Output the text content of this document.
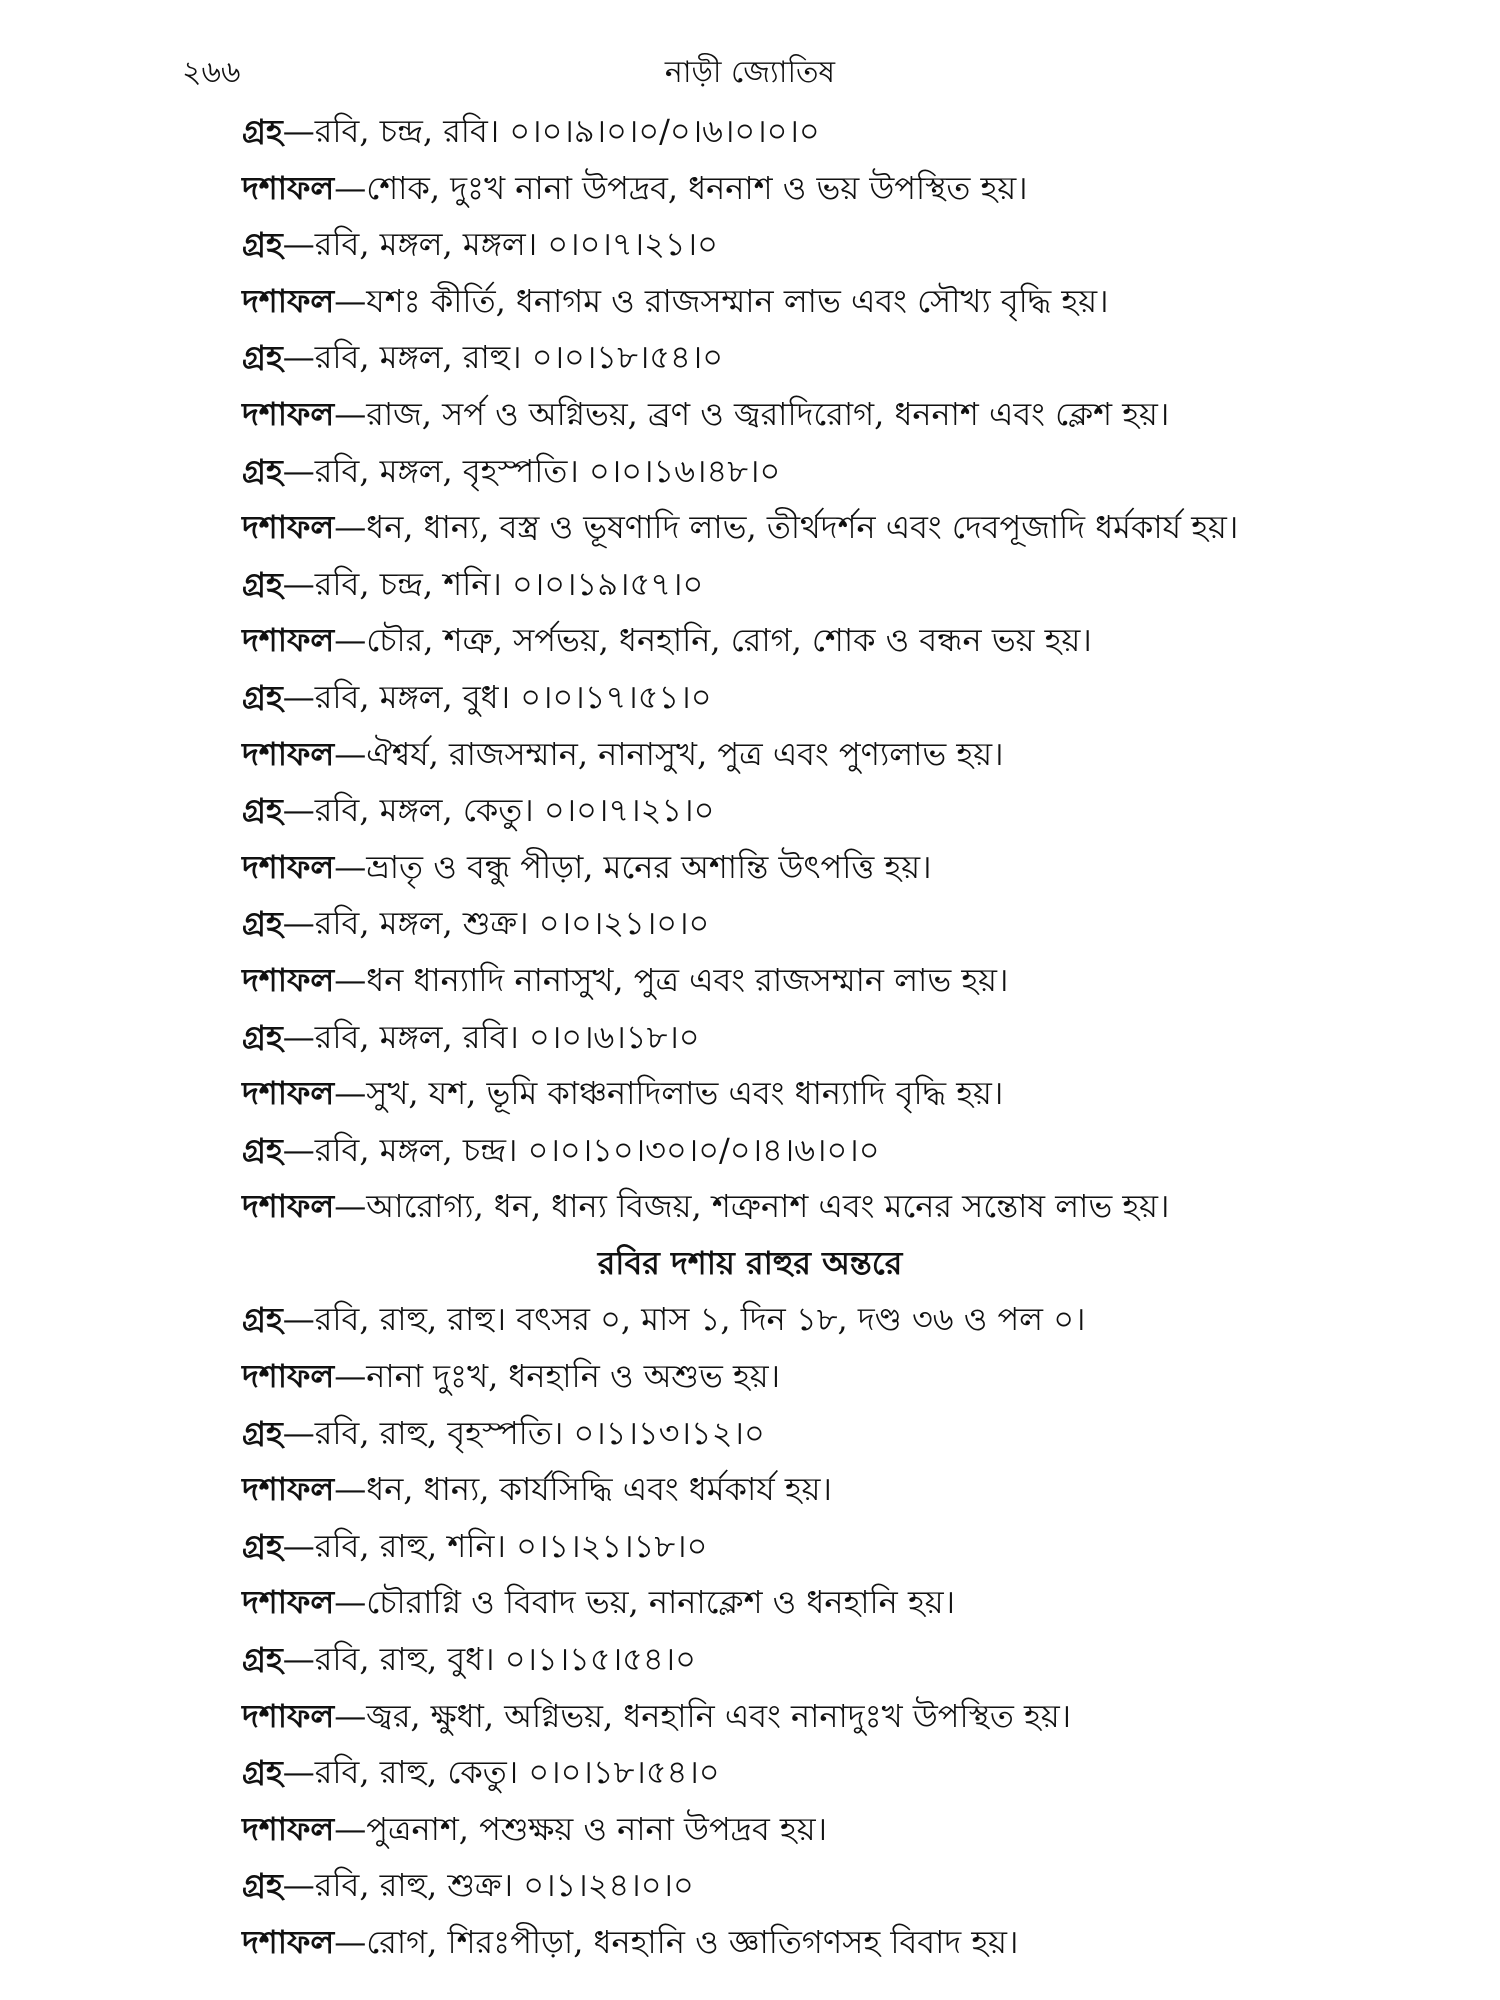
২৬৬	নাড়ী জ্যোতিষ
গ্রহ—রবি, চন্দ্র, রবি। ০।০।৯।০।০/০।৬।০।০।০
দশাফল—শোক, দুঃখ নানা উপদ্রব, ধননাশ ও ভয় উপস্থিত হয়।
গ্রহ—রবি, মঙ্গল, মঙ্গল। ০।০।৭।২১।০
দশাফল—যশঃ কীর্তি, ধনাগম ও রাজসম্মান লাভ এবং সৌখ্য বৃদ্ধি হয়।
গ্রহ—রবি, মঙ্গল, রাহু। ০।০।১৮।৫৪।০
দশাফল—রাজ, সর্প ও অগ্নিভয়, ব্রণ ও জ্বরাদিরোগ, ধননাশ এবং ক্লেশ হয়।
গ্রহ—রবি, মঙ্গল, বৃহস্পতি। ০।০।১৬।৪৮।০
দশাফল—ধন, ধান্য, বস্ত্র ও ভূষণাদি লাভ, তীর্থদর্শন এবং দেবপূজাদি ধর্মকার্য হয়।
গ্রহ—রবি, চন্দ্র, শনি। ০।০।১৯।৫৭।০
দশাফল—চৌর, শত্রু, সর্পভয়, ধনহানি, রোগ, শোক ও বন্ধন ভয় হয়।
গ্রহ—রবি, মঙ্গল, বুধ। ০।০।১৭।৫১।০
দশাফল—ঐশ্বর্য, রাজসম্মান, নানাসুখ, পুত্র এবং পুণ্যলাভ হয়।
গ্রহ—রবি, মঙ্গল, কেতু। ০।০।৭।২১।০
দশাফল—ভ্রাতৃ ও বন্ধু পীড়া, মনের অশান্তি উৎপত্তি হয়।
গ্রহ—রবি, মঙ্গল, শুক্র। ০।০।২১।০।০
দশাফল—ধন ধান্যাদি নানাসুখ, পুত্র এবং রাজসম্মান লাভ হয়।
গ্রহ—রবি, মঙ্গল, রবি। ০।০।৬।১৮।০
দশাফল—সুখ, যশ, ভূমি কাঞ্চনাদিলাভ এবং ধান্যাদি বৃদ্ধি হয়।
গ্রহ—রবি, মঙ্গল, চন্দ্র। ০।০।১০।৩০।০/০।৪।৬।০।০
দশাফল—আরোগ্য, ধন, ধান্য বিজয়, শত্রুনাশ এবং মনের সন্তোষ লাভ হয়।
রবির দশায় রাহুর অন্তরে
গ্রহ—রবি, রাহু, রাহু। বৎসর ০, মাস ১, দিন ১৮, দণ্ড ৩৬ ও পল ০।
দশাফল—নানা দুঃখ, ধনহানি ও অশুভ হয়।
গ্রহ—রবি, রাহু, বৃহস্পতি। ০।১।১৩।১২।০
দশাফল—ধন, ধান্য, কার্যসিদ্ধি এবং ধর্মকার্য হয়।
গ্রহ—রবি, রাহু, শনি। ০।১।২১।১৮।০
দশাফল—চৌরাগ্নি ও বিবাদ ভয়, নানাক্লেশ ও ধনহানি হয়।
গ্রহ—রবি, রাহু, বুধ। ০।১।১৫।৫৪।০
দশাফল—জ্বর, ক্ষুধা, অগ্নিভয়, ধনহানি এবং নানাদুঃখ উপস্থিত হয়।
গ্রহ—রবি, রাহু, কেতু। ০।০।১৮।৫৪।০
দশাফল—পুত্রনাশ, পশুক্ষয় ও নানা উপদ্রব হয়।
গ্রহ—রবি, রাহু, শুক্র। ০।১।২৪।০।০
দশাফল—রোগ, শিরঃপীড়া, ধনহানি ও জ্ঞাতিগণসহ বিবাদ হয়।
